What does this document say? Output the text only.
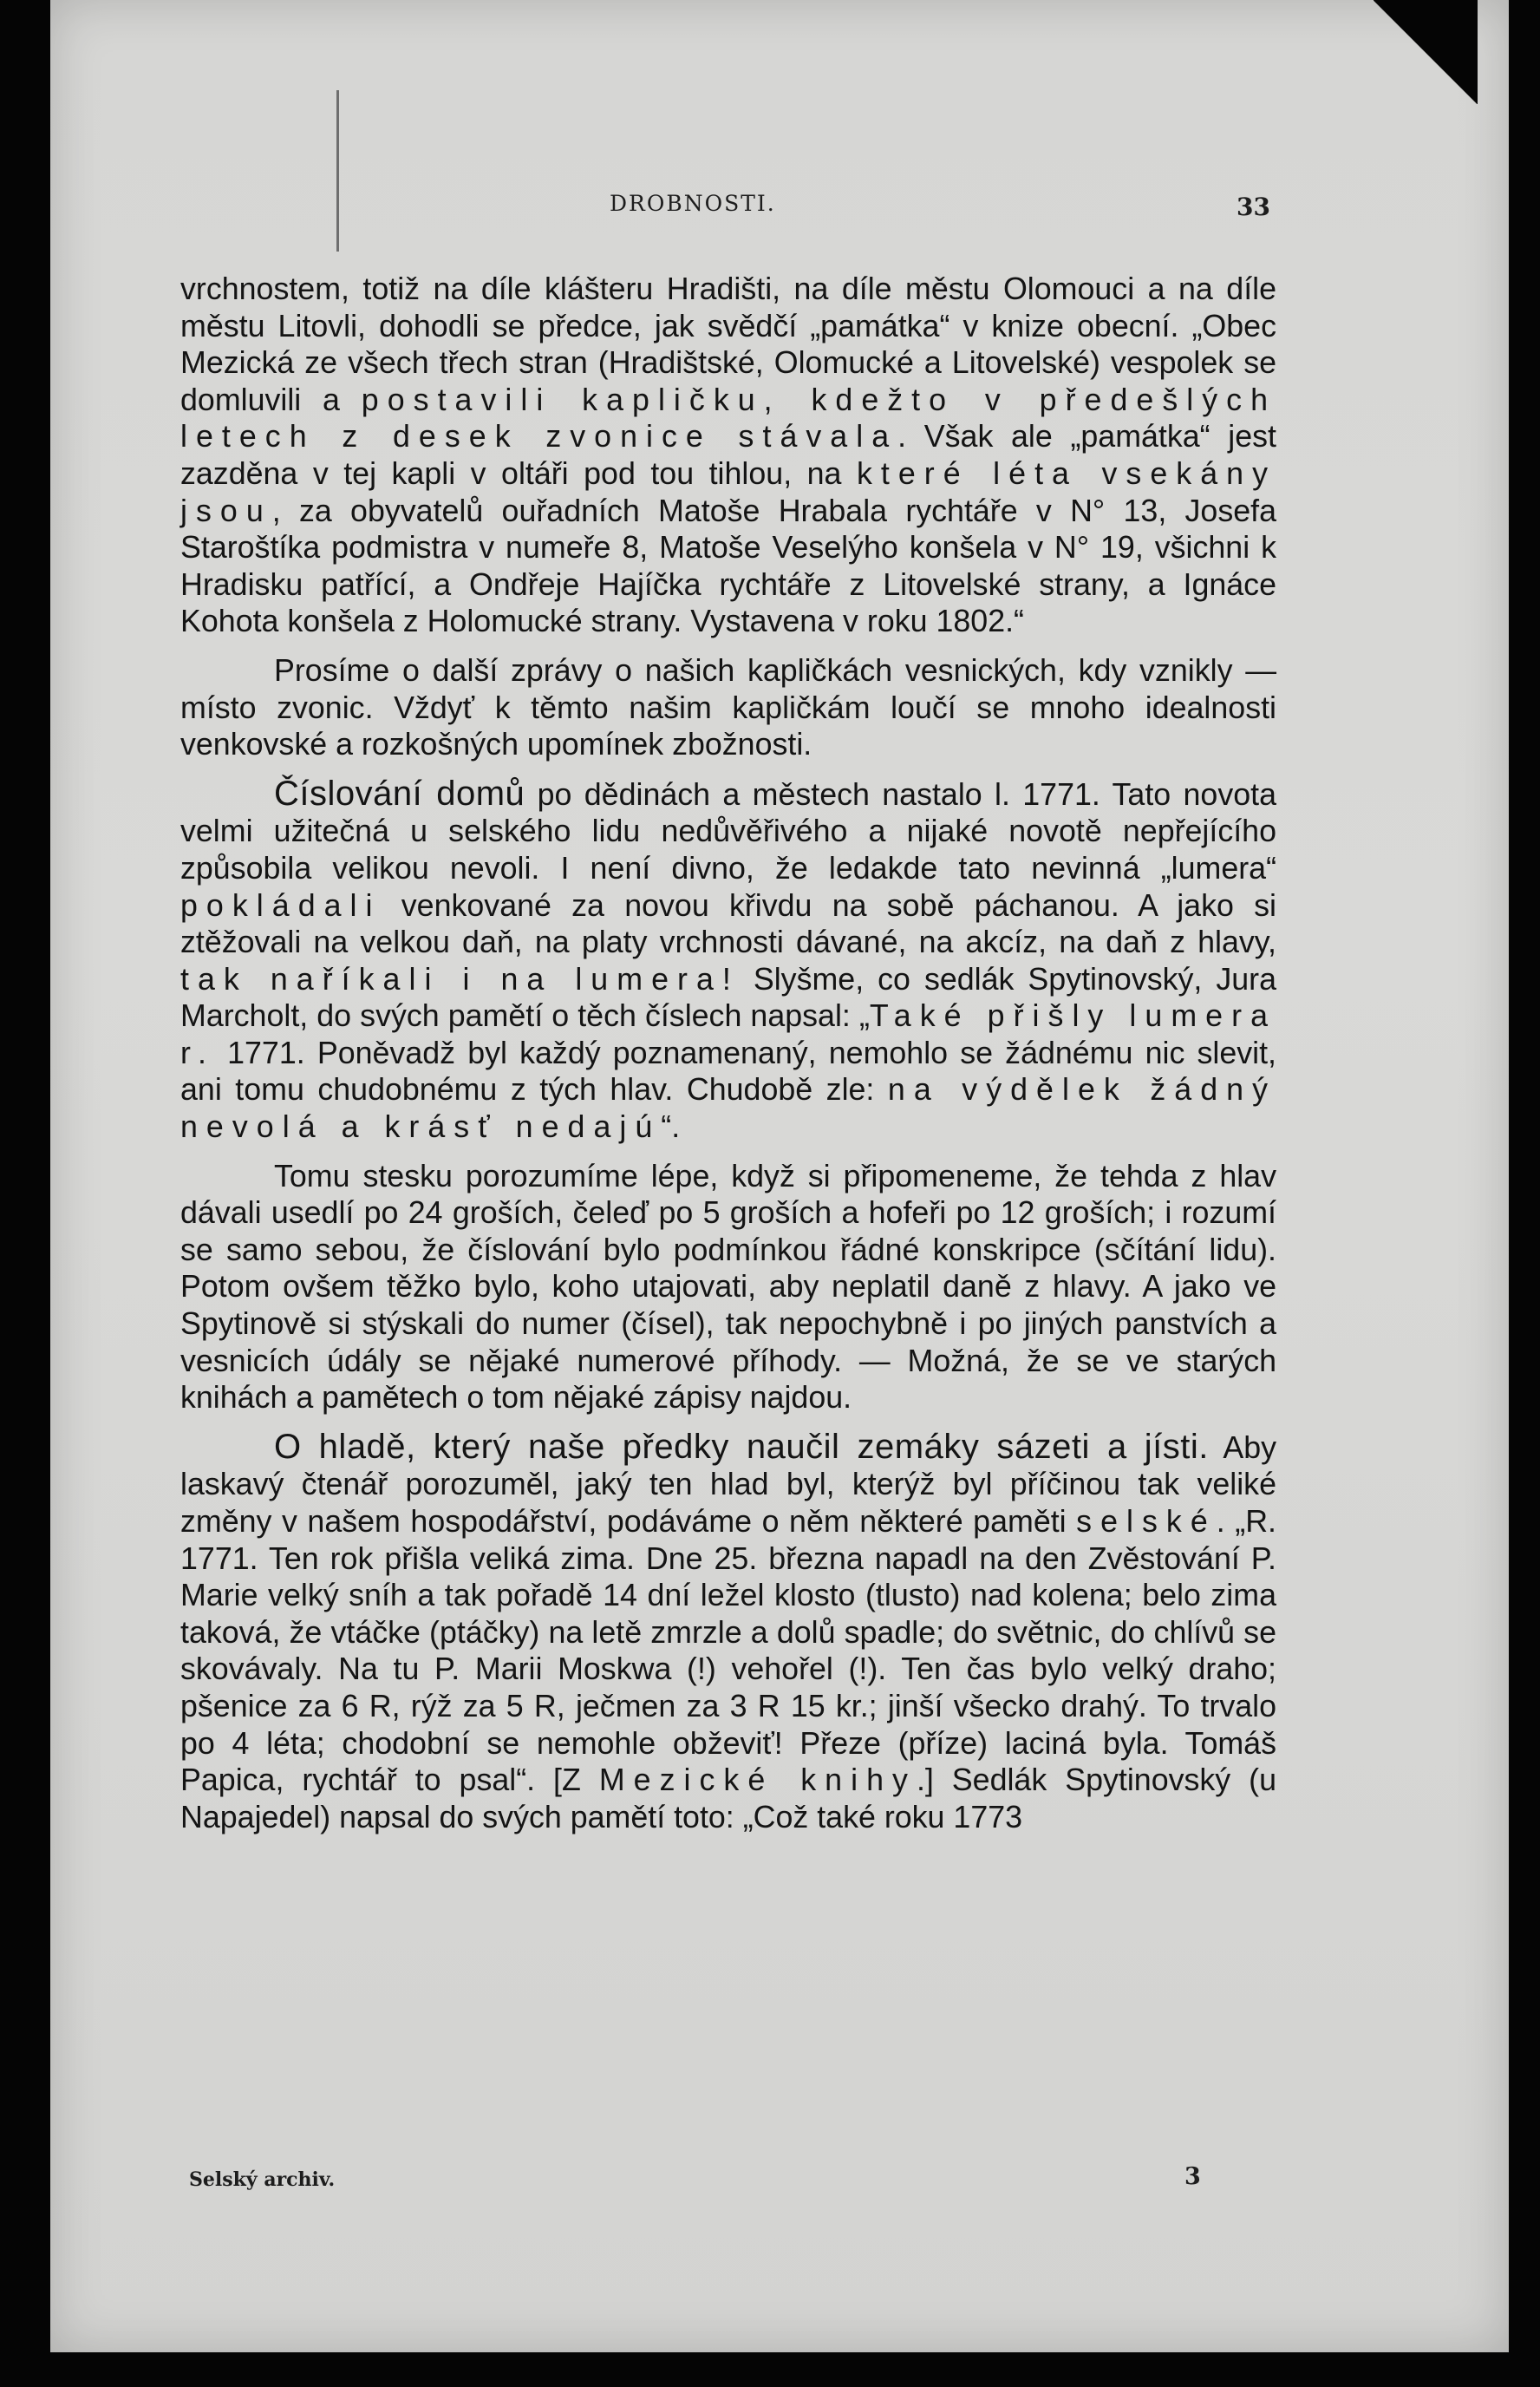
DROBNOSTI.	33

vrchnostem, totiž na díle klášteru Hradišti, na díle městu Olomouci a na díle městu Litovli, dohodli se předce, jak svědčí „památka“ v knize obecní. „Obec Mezická ze všech třech stran (Hradištské, Olomucké a Litovelské) vespolek se domluvili a postavili kapličku, kdežto v předešlých letech z desek zvonice stávala. Však ale „památka“ jest zazděna v tej kapli v oltáři pod tou tihlou, na které léta vsekány jsou, za obyvatelů ouřadních Matoše Hrabala rychtáře v N° 13, Josefa Staroštíka podmistra v numeře 8, Matoše Veselýho konšela v N° 19, všichni k Hradisku patřící, a Ondřeje Hajíčka rychtáře z Litovelské strany, a Ignáce Kohota konšela z Holomucké strany. Vystavena v roku 1802.“

Prosíme o další zprávy o našich kapličkách vesnických, kdy vznikly — místo zvonic. Vždyť k těmto našim kapličkám loučí se mnoho idealnosti venkovské a rozkošných upomínek zbožnosti.

Číslování domů po dědinách a městech nastalo l. 1771. Tato novota velmi užitečná u selského lidu nedůvěřivého a nijaké novotě nepřejícího způsobila velikou nevoli. I není divno, že ledakde tato nevinná „lumera“ pokládali venkované za novou křivdu na sobě páchanou. A jako si ztěžovali na velkou daň, na platy vrchnosti dávané, na akcíz, na daň z hlavy, tak naříkali i na lumera! Slyšme, co sedlák Spytinovský, Jura Marcholt, do svých pamětí o těch číslech napsal: „Také přišly lumera r. 1771. Poněvadž byl každý poznamenaný, nemohlo se žádnému nic slevit, ani tomu chudobnému z tých hlav. Chudobě zle: na výdělek žádný nevolá a krásť nedajú“.

Tomu stesku porozumíme lépe, když si připomeneme, že tehda z hlav dávali usedlí po 24 groších, čeleď po 5 groších a hofeři po 12 groších; i rozumí se samo sebou, že číslování bylo podmínkou řádné konskripce (sčítání lidu). Potom ovšem těžko bylo, koho utajovati, aby neplatil daně z hlavy. A jako ve Spytinově si stýskali do numer (čísel), tak nepochybně i po jiných panstvích a vesnicích údály se nějaké numerové příhody. — Možná, že se ve starých knihách a pamětech o tom nějaké zápisy najdou.

O hladě, který naše předky naučil zemáky sázeti a jísti. Aby laskavý čtenář porozuměl, jaký ten hlad byl, kterýž byl příčinou tak veliké změny v našem hospodářství, podáváme o něm některé paměti selské. „R. 1771. Ten rok přišla veliká zima. Dne 25. března napadl na den Zvěstování P. Marie velký sníh a tak pořadě 14 dní ležel klosto (tlusto) nad kolena; belo zima taková, že vtáčke (ptáčky) na letě zmrzle a dolů spadle; do světnic, do chlívů se skovávaly. Na tu P. Marii Moskwa (!) vehořel (!). Ten čas bylo velký draho; pšenice za 6 R, rýž za 5 R, ječmen za 3 R 15 kr.; jinší všecko drahý. To trvalo po 4 léta; chodobní se nemohle obževiť! Přeze (příze) laciná byla. Tomáš Papica, rychtář to psal“. [Z Mezické knihy.] Sedlák Spytinovský (u Napajedel) napsal do svých pamětí toto: „Což také roku 1773

Selský archiv.	3
